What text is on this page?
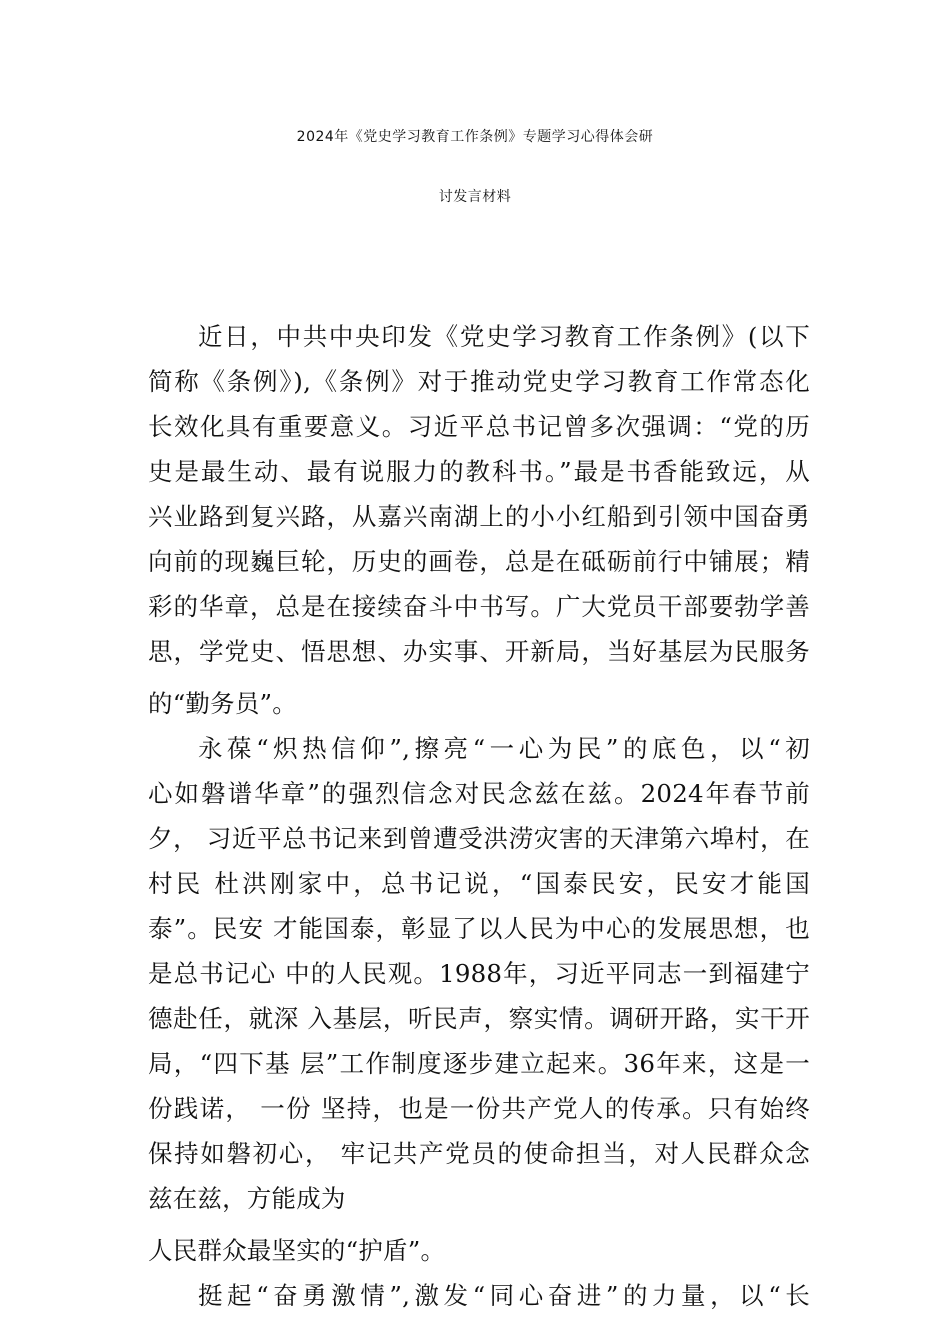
2024年《党史学习教育工作条例》专题学习心得体会研
讨发言材料
近日，中共中央印发《党史学习教育工作条例》(以下
简称《条例》),《条例》对于推动党史学习教育工作常态化
长效化具有重要意义。习近平总书记曾多次强调：“党的历
史是最生动、最有说服力的教科书。”最是书香能致远，从
兴业路到复兴路，从嘉兴南湖上的小小红船到引领中国奋勇
向前的现巍巨轮，历史的画卷，总是在砥砺前行中铺展；精
彩的华章，总是在接续奋斗中书写。广大党员干部要勃学善
思，学党史、悟思想、办实事、开新局，当好基层为民服务
的“勤务员”。
永葆“炽热信仰”,擦亮“一心为民”的底色，以“初
心如磐谱华章”的强烈信念对民念兹在兹。2024年春节前
夕， 习近平总书记来到曾遭受洪涝灾害的天津第六埠村，在
村民 杜洪刚家中，总书记说，“国泰民安，民安才能国
泰”。民安 才能国泰，彰显了以人民为中心的发展思想，也
是总书记心 中的人民观。1988年，习近平同志一到福建宁
德赴任，就深 入基层，听民声，察实情。调研开路，实干开
局，“四下基 层”工作制度逐步建立起来。36年来，这是一
份践诺， 一份 坚持，也是一份共产党人的传承。只有始终
保持如磐初心， 牢记共产党员的使命担当，对人民群众念
兹在兹，方能成为
人民群众最坚实的“护盾”。
挺起“奋勇激情”,激发“同心奋进”的力量，以“长
